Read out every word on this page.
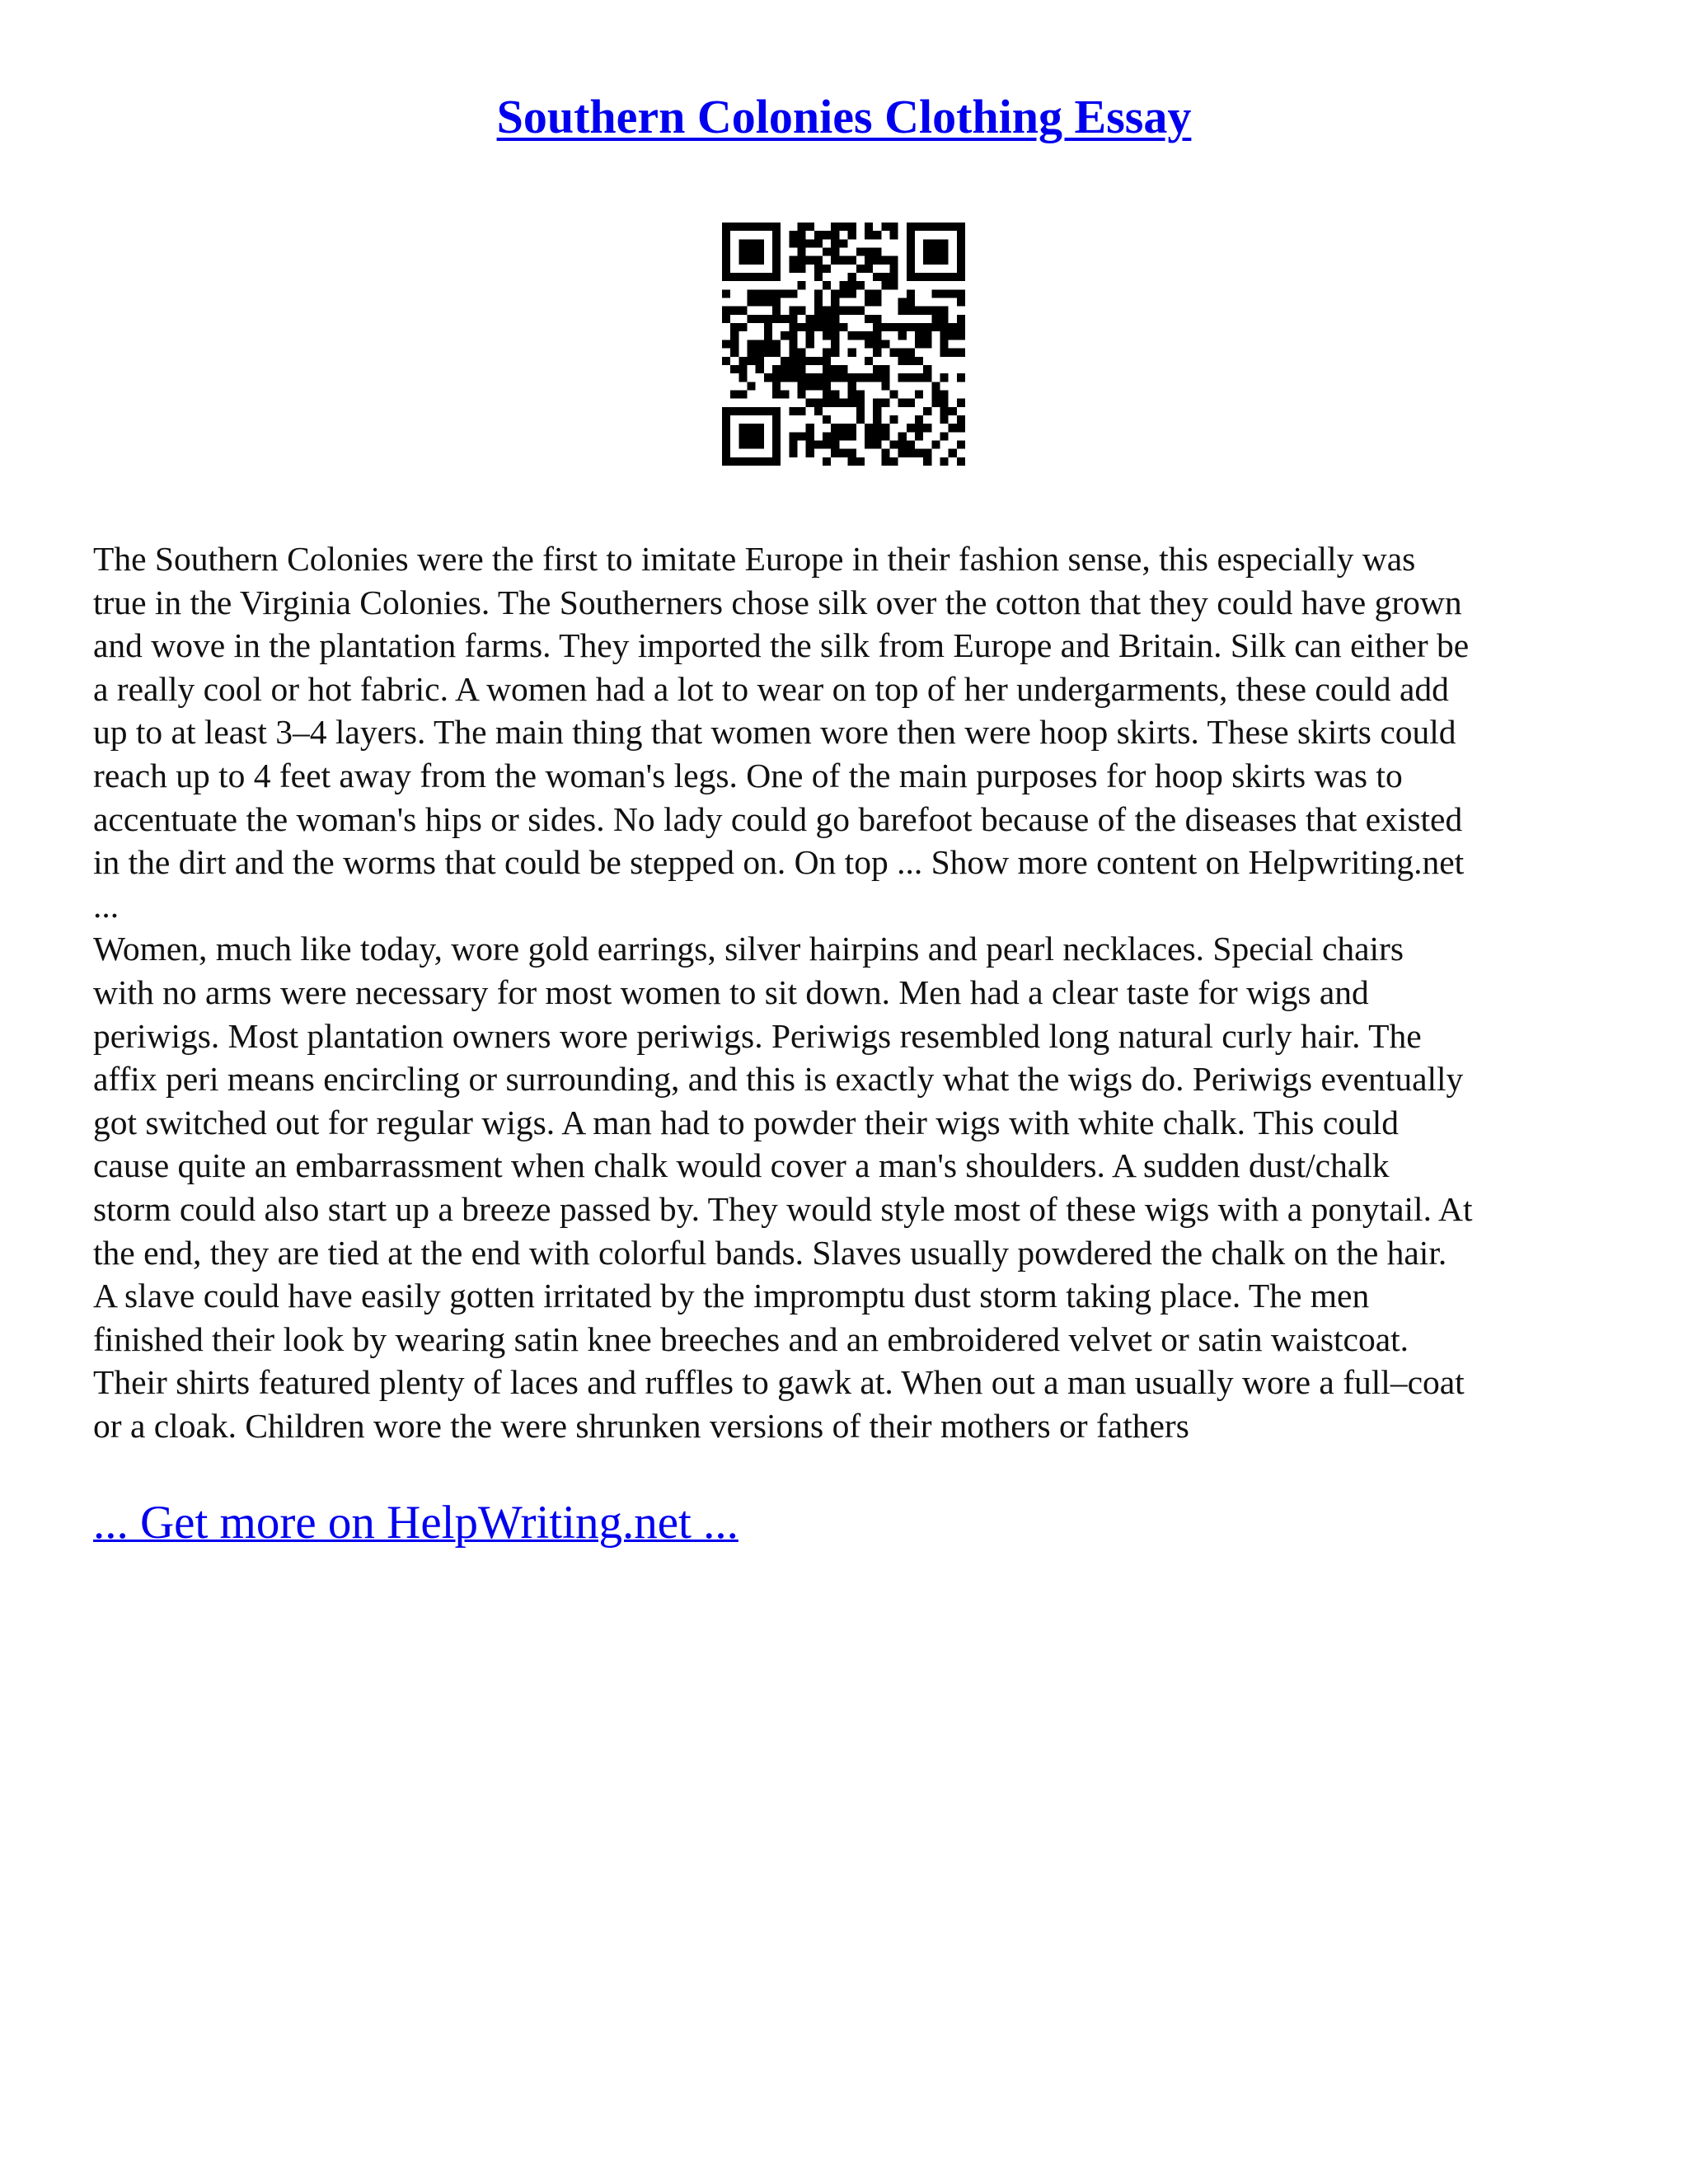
Southern Colonies Clothing Essay
The Southern Colonies were the first to imitate Europe in their fashion sense, this especially was
true in the Virginia Colonies. The Southerners chose silk over the cotton that they could have grown
and wove in the plantation farms. They imported the silk from Europe and Britain. Silk can either be
a really cool or hot fabric. A women had a lot to wear on top of her undergarments, these could add
up to at least 3–4 layers. The main thing that women wore then were hoop skirts. These skirts could
reach up to 4 feet away from the woman's legs. One of the main purposes for hoop skirts was to
accentuate the woman's hips or sides. No lady could go barefoot because of the diseases that existed
in the dirt and the worms that could be stepped on. On top ... Show more content on Helpwriting.net
...
Women, much like today, wore gold earrings, silver hairpins and pearl necklaces. Special chairs
with no arms were necessary for most women to sit down. Men had a clear taste for wigs and
periwigs. Most plantation owners wore periwigs. Periwigs resembled long natural curly hair. The
affix peri means encircling or surrounding, and this is exactly what the wigs do. Periwigs eventually
got switched out for regular wigs. A man had to powder their wigs with white chalk. This could
cause quite an embarrassment when chalk would cover a man's shoulders. A sudden dust/chalk
storm could also start up a breeze passed by. They would style most of these wigs with a ponytail. At
the end, they are tied at the end with colorful bands. Slaves usually powdered the chalk on the hair.
A slave could have easily gotten irritated by the impromptu dust storm taking place. The men
finished their look by wearing satin knee breeches and an embroidered velvet or satin waistcoat.
Their shirts featured plenty of laces and ruffles to gawk at. When out a man usually wore a full–coat
or a cloak. Children wore the were shrunken versions of their mothers or fathers
... Get more on HelpWriting.net ...
